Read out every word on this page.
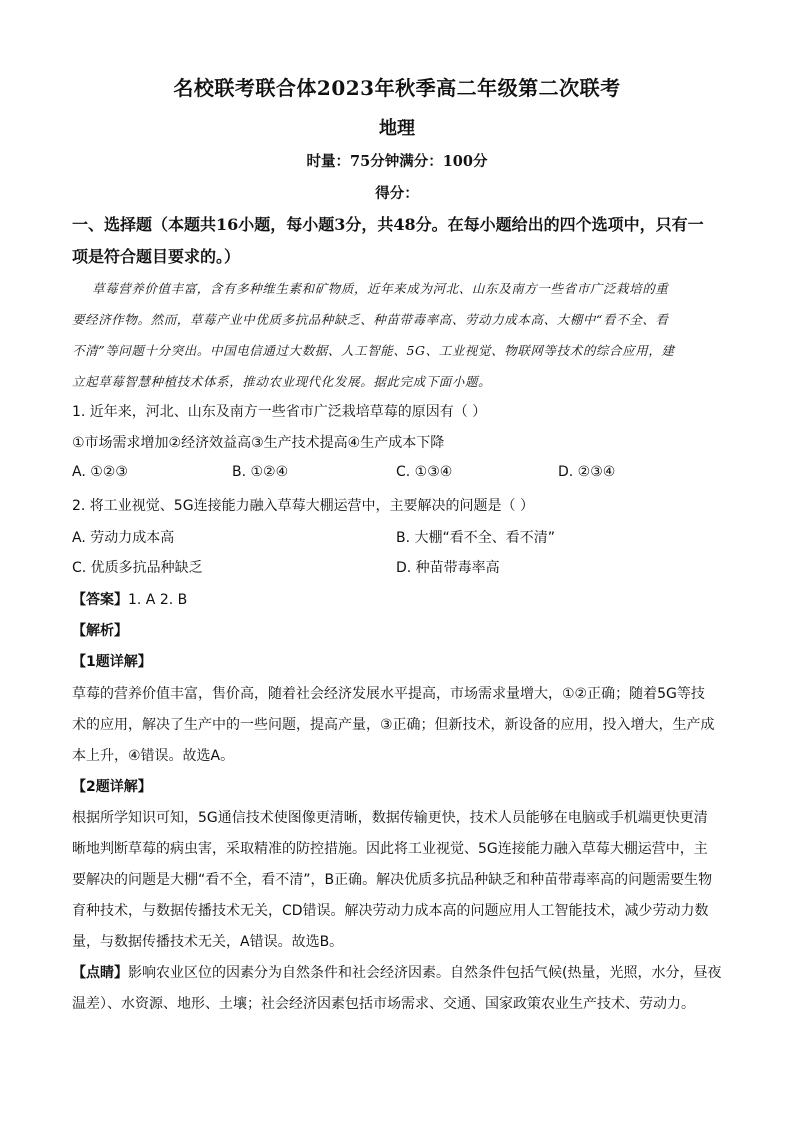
名校联考联合体2023年秋季高二年级第二次联考
地理
时量：75分钟满分：100分
得分：
一、选择题（本题共16小题，每小题3分，共48分。在每小题给出的四个选项中，只有一
项是符合题目要求的。）
草莓营养价值丰富，含有多种维生素和矿物质，近年来成为河北、山东及南方一些省市广泛栽培的重
要经济作物。然而，草莓产业中优质多抗品种缺乏、种苗带毒率高、劳动力成本高、大棚中“看不全、看
不清”等问题十分突出。中国电信通过大数据、人工智能、5G、工业视觉、物联网等技术的综合应用，建
立起草莓智慧种植技术体系，推动农业现代化发展。据此完成下面小题。
1. 近年来，河北、山东及南方一些省市广泛栽培草莓的原因有（ ）
①市场需求增加②经济效益高③生产技术提高④生产成本下降
A. ①②③	B. ①②④	C. ①③④	D. ②③④
2. 将工业视觉、5G连接能力融入草莓大棚运营中，主要解决的问题是（ ）
A. 劳动力成本高	B. 大棚“看不全、看不清”
C. 优质多抗品种缺乏	D. 种苗带毒率高
【答案】1. A 2. B
【解析】
【1题详解】
草莓的营养价值丰富，售价高，随着社会经济发展水平提高，市场需求量增大，①②正确；随着5G等技
术的应用，解决了生产中的一些问题，提高产量，③正确；但新技术，新设备的应用，投入增大，生产成
本上升，④错误。故选A。
【2题详解】
根据所学知识可知，5G通信技术使图像更清晰，数据传输更快，技术人员能够在电脑或手机端更快更清
晰地判断草莓的病虫害，采取精准的防控措施。因此将工业视觉、5G连接能力融入草莓大棚运营中，主
要解决的问题是大棚“看不全，看不清”，B正确。解决优质多抗品种缺乏和种苗带毒率高的问题需要生物
育种技术，与数据传播技术无关，CD错误。解决劳动力成本高的问题应用人工智能技术，减少劳动力数
量，与数据传播技术无关，A错误。故选B。
【点睛】影响农业区位的因素分为自然条件和社会经济因素。自然条件包括气候(热量，光照，水分，昼夜
温差）、水资源、地形、土壤；社会经济因素包括市场需求、交通、国家政策农业生产技术、劳动力。
